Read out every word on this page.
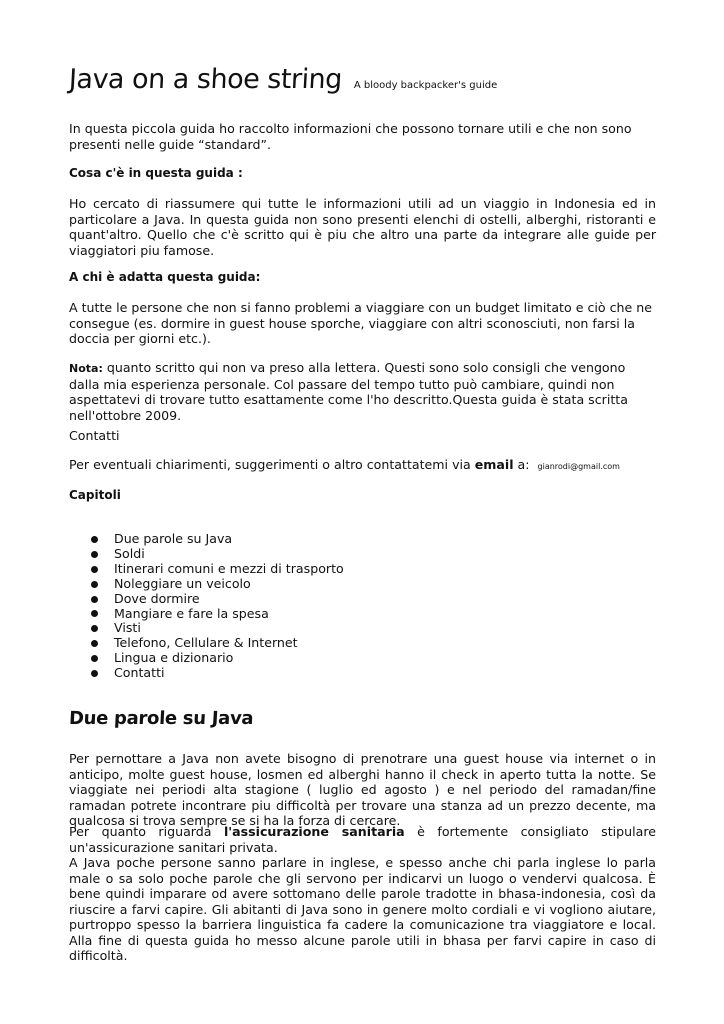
Java on a shoe string A bloody backpacker's guide

In questa piccola guida ho raccolto informazioni che possono tornare utili e che non sono presenti nelle guide “standard”.

Cosa c'è in questa guida :

Ho cercato di riassumere qui tutte le informazioni utili ad un viaggio in Indonesia ed in particolare a Java. In questa guida non sono presenti elenchi di ostelli, alberghi, ristoranti e quant'altro. Quello che c'è scritto qui è piu che altro una parte da integrare alle guide per viaggiatori piu famose.

A chi è adatta questa guida:

A tutte le persone che non si fanno problemi a viaggiare con un budget limitato e ciò che ne consegue (es. dormire in guest house sporche, viaggiare con altri sconosciuti, non farsi la doccia per giorni etc.).

Nota: quanto scritto qui non va preso alla lettera. Questi sono solo consigli che vengono dalla mia esperienza personale. Col passare del tempo tutto può cambiare, quindi non aspettatevi di trovare tutto esattamente come l'ho descritto.Questa guida è stata scritta nell'ottobre 2009.

Contatti

Per eventuali chiarimenti, suggerimenti o altro contattatemi via email a: gianrodi@gmail.com

Capitoli

Due parole su Java
Soldi
Itinerari comuni e mezzi di trasporto
Noleggiare un veicolo
Dove dormire
Mangiare e fare la spesa
Visti
Telefono, Cellulare & Internet
Lingua e dizionario
Contatti
Due parole su Java

Per pernottare a Java non avete bisogno di prenotrare una guest house via internet o in anticipo, molte guest house, losmen ed alberghi hanno il check in aperto tutta la notte. Se viaggiate nei periodi alta stagione ( luglio ed agosto ) e nel periodo del ramadan/fine ramadan potrete incontrare piu difficoltà per trovare una stanza ad un prezzo decente, ma qualcosa si trova sempre se si ha la forza di cercare.

Per quanto riguarda l'assicurazione sanitaria è fortemente consigliato stipulare un'assicurazione sanitari privata.

A Java poche persone sanno parlare in inglese, e spesso anche chi parla inglese lo parla male o sa solo poche parole che gli servono per indicarvi un luogo o vendervi qualcosa. È bene quindi imparare od avere sottomano delle parole tradotte in bhasa-indonesia, così da riuscire a farvi capire. Gli abitanti di Java sono in genere molto cordiali e vi vogliono aiutare, purtroppo spesso la barriera linguistica fa cadere la comunicazione tra viaggiatore e local. Alla fine di questa guida ho messo alcune parole utili in bhasa per farvi capire in caso di difficoltà.
